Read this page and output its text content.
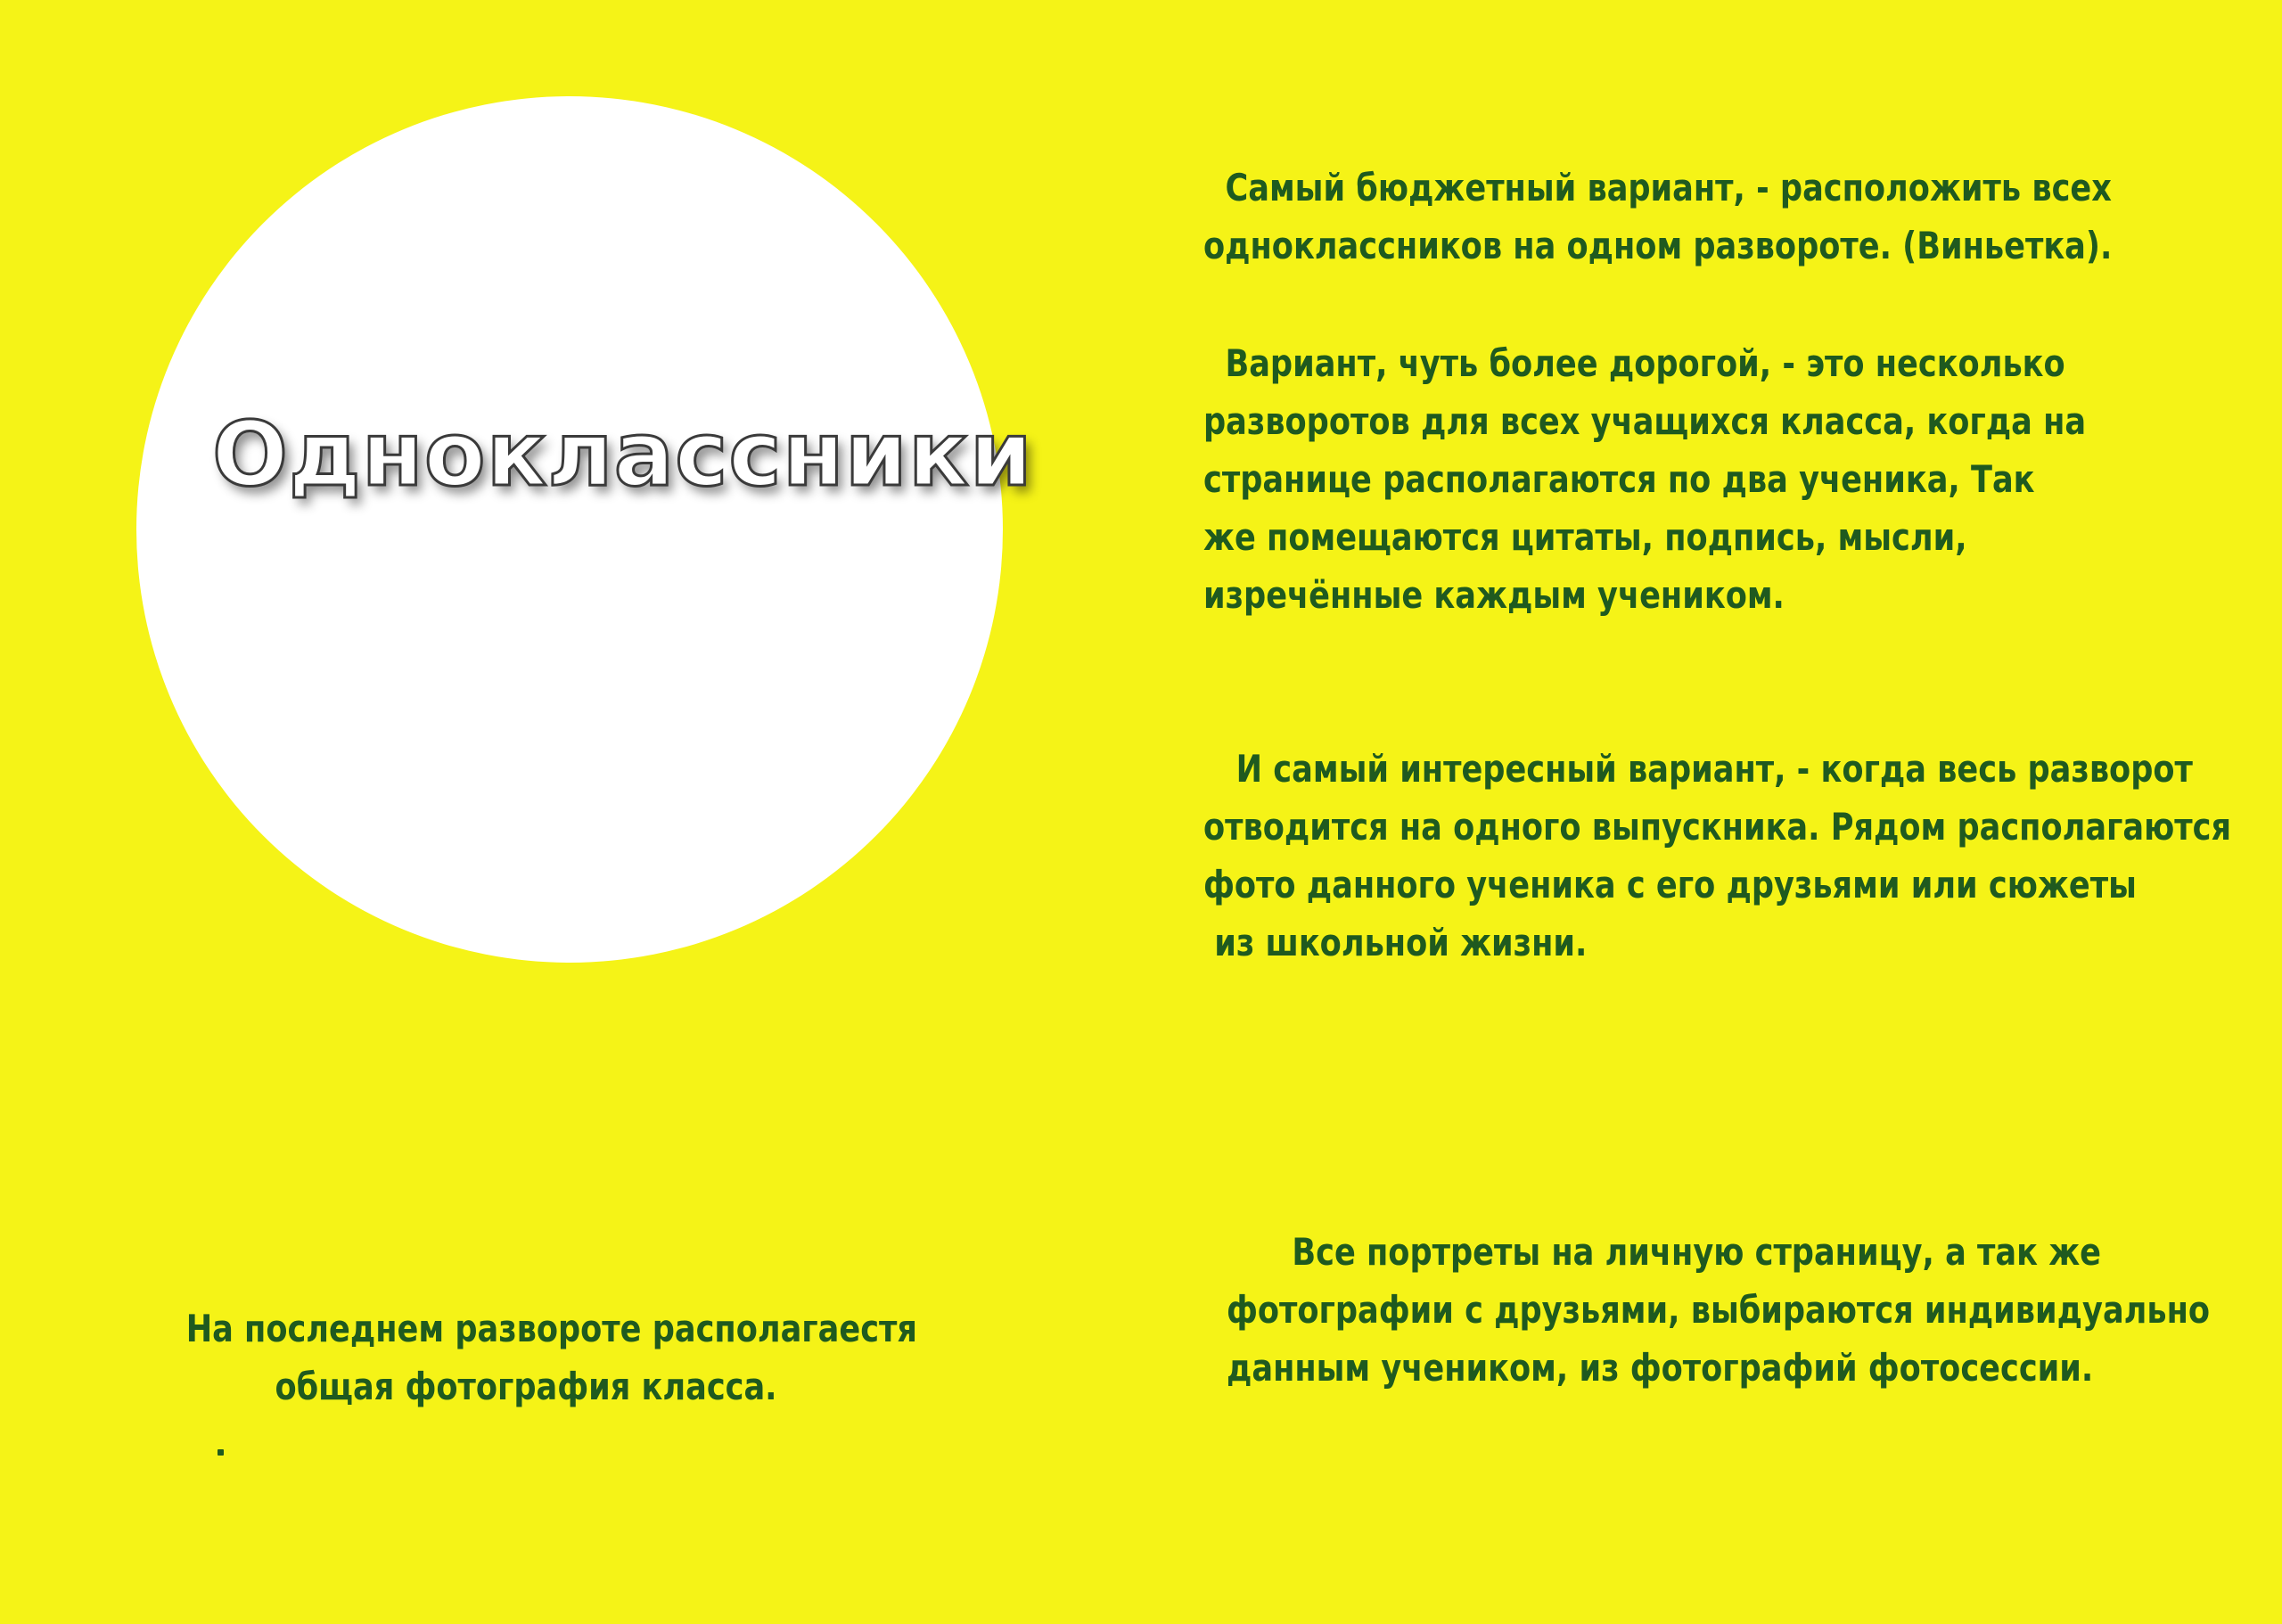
Одноклассники
Самый бюджетный вариант, - расположить всех
одноклассников на одном развороте. (Виньетка).
Вариант, чуть более дорогой, - это несколько
разворотов для всех учащихся класса, когда на
странице располагаются по два ученика, Так
же помещаются цитаты, подпись, мысли,
изречённые каждым учеником.
И самый интересный вариант, - когда весь разворот
отводится на одного выпускника. Рядом располагаются
фото данного ученика с его друзьями или сюжеты
из школьной жизни.
Все портреты на личную страницу, а так же
фотографии с друзьями, выбираются индивидуально
данным учеником, из фотографий фотосессии.
На последнем развороте располагаестя
общая фотография класса.
